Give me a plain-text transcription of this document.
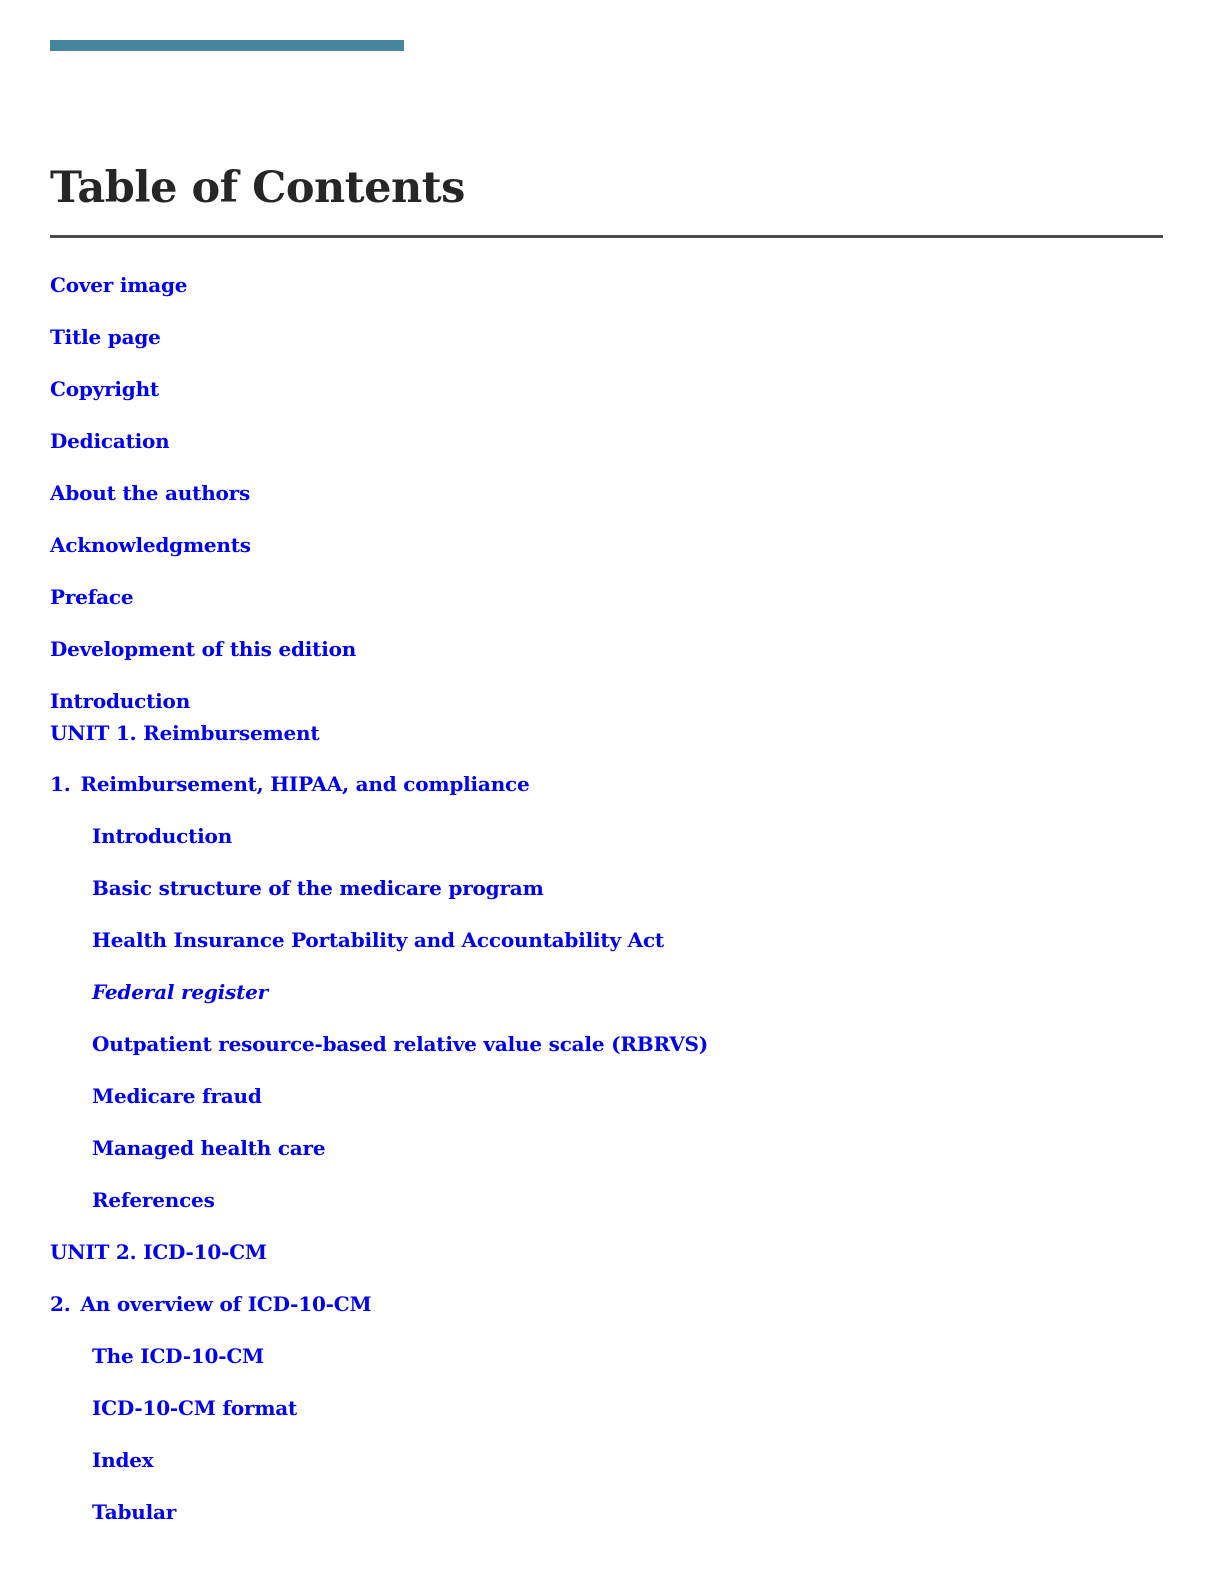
Table of Contents
Cover image
Title page
Copyright
Dedication
About the authors
Acknowledgments
Preface
Development of this edition
Introduction
UNIT 1. Reimbursement
1. Reimbursement, HIPAA, and compliance
Introduction
Basic structure of the medicare program
Health Insurance Portability and Accountability Act
Federal register
Outpatient resource-based relative value scale (RBRVS)
Medicare fraud
Managed health care
References
UNIT 2. ICD-10-CM
2. An overview of ICD-10-CM
The ICD-10-CM
ICD-10-CM format
Index
Tabular
